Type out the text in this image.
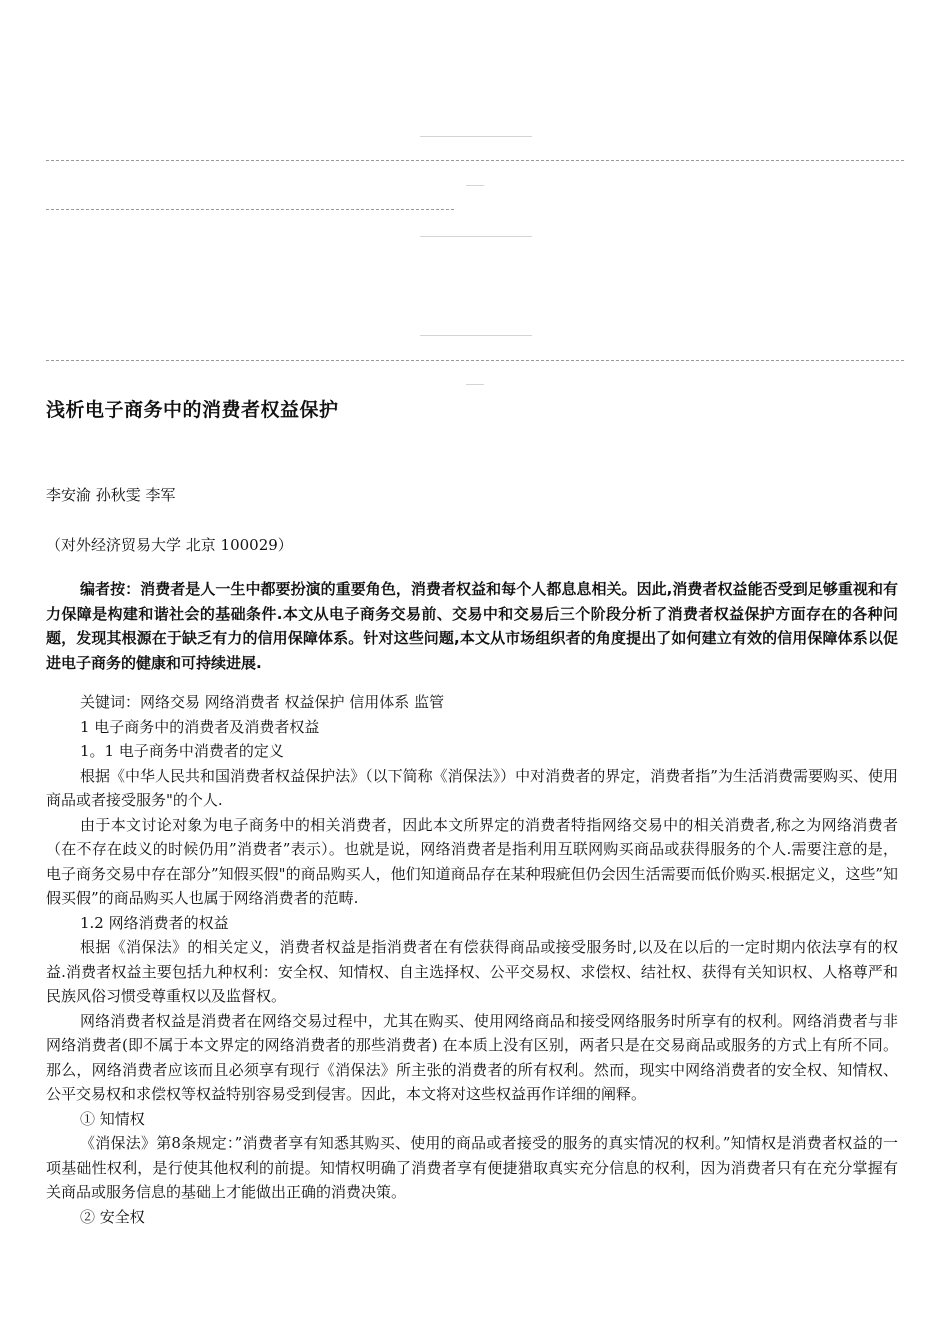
浅析电子商务中的消费者权益保护
李安渝 孙秋雯 李军
（对外经济贸易大学 北京 100029）

编者按：消费者是人一生中都要扮演的重要角色，消费者权益和每个人都息息相关。因此,消费者权益能否受到足够重视和有力保障是构建和谐社会的基础条件.本文从电子商务交易前、交易中和交易后三个阶段分析了消费者权益保护方面存在的各种问题，发现其根源在于缺乏有力的信用保障体系。针对这些问题,本文从市场组织者的角度提出了如何建立有效的信用保障体系以促进电子商务的健康和可持续进展.

关键词：网络交易 网络消费者 权益保护 信用体系 监管

1 电子商务中的消费者及消费者权益

1。1 电子商务中消费者的定义

根据《中华人民共和国消费者权益保护法》（以下简称《消保法》）中对消费者的界定，消费者指”为生活消费需要购买、使用商品或者接受服务"的个人.

由于本文讨论对象为电子商务中的相关消费者，因此本文所界定的消费者特指网络交易中的相关消费者,称之为网络消费者（在不存在歧义的时候仍用”消费者”表示）。也就是说，网络消费者是指利用互联网购买商品或获得服务的个人.需要注意的是，电子商务交易中存在部分”知假买假"的商品购买人，他们知道商品存在某种瑕疵但仍会因生活需要而低价购买.根据定义，这些”知假买假”的商品购买人也属于网络消费者的范畴.

1.2 网络消费者的权益

根据《消保法》的相关定义，消费者权益是指消费者在有偿获得商品或接受服务时,以及在以后的一定时期内依法享有的权益.消费者权益主要包括九种权利：安全权、知情权、自主选择权、公平交易权、求偿权、结社权、获得有关知识权、人格尊严和民族风俗习惯受尊重权以及监督权。

网络消费者权益是消费者在网络交易过程中，尤其在购买、使用网络商品和接受网络服务时所享有的权利。网络消费者与非网络消费者(即不属于本文界定的网络消费者的那些消费者) 在本质上没有区别，两者只是在交易商品或服务的方式上有所不同。那么，网络消费者应该而且必须享有现行《消保法》所主张的消费者的所有权利。然而，现实中网络消费者的安全权、知情权、公平交易权和求偿权等权益特别容易受到侵害。因此，本文将对这些权益再作详细的阐释。

① 知情权

《消保法》第8条规定：”消费者享有知悉其购买、使用的商品或者接受的服务的真实情况的权利。”知情权是消费者权益的一项基础性权利，是行使其他权利的前提。知情权明确了消费者享有便捷猎取真实充分信息的权利，因为消费者只有在充分掌握有关商品或服务信息的基础上才能做出正确的消费决策。

② 安全权
